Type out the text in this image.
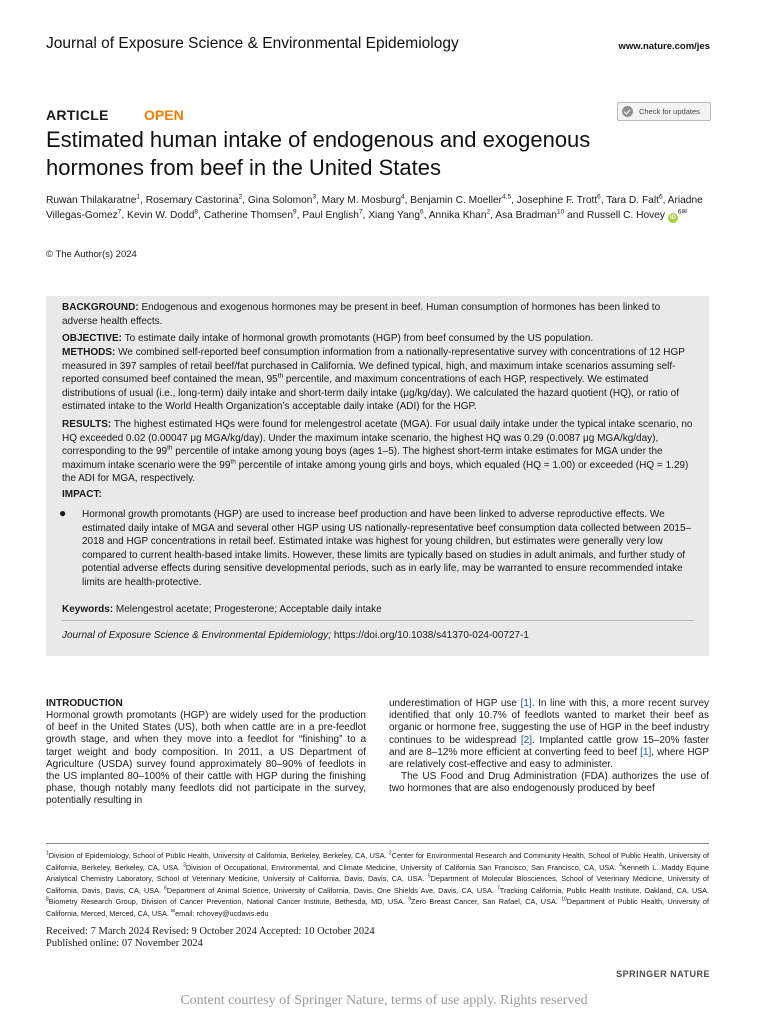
Journal of Exposure Science & Environmental Epidemiology	www.nature.com/jes
ARTICLE	OPEN	Check for updates
Estimated human intake of endogenous and exogenous
hormones from beef in the United States
Ruwan Thilakaratne$^1$, Rosemary Castorina$^2$, Gina Solomon$^3$, Mary M. Mosburg$^4$, Benjamin C. Moeller$^{4,5}$, Josephine F. Trott$^6$, Tara D. Falt$^6$, Ariadne Villegas-Gomez$^7$, Kevin W. Dodd$^8$, Catherine Thomsen$^9$, Paul English$^7$, Xiang Yang$^6$, Annika Khan$^2$, Asa Bradman$^{10}$ and Russell C. Hovey $iD^{6✉}$
© The Author(s) 2024
BACKGROUND: Endogenous and exogenous hormones may be present in beef. Human consumption of hormones has been linked to adverse health effects.
OBJECTIVE: To estimate daily intake of hormonal growth promotants (HGP) from beef consumed by the US population.
METHODS: We combined self-reported beef consumption information from a nationally-representative survey with concentrations of 12 HGP measured in 397 samples of retail beef/fat purchased in California. We defined typical, high, and maximum intake scenarios assuming self-reported consumed beef contained the mean, 95th percentile, and maximum concentrations of each HGP, respectively. We estimated distributions of usual (i.e., long-term) daily intake and short-term daily intake (μg/kg/day). We calculated the hazard quotient (HQ), or ratio of estimated intake to the World Health Organization’s acceptable daily intake (ADI) for the HGP.
RESULTS: The highest estimated HQs were found for melengestrol acetate (MGA). For usual daily intake under the typical intake scenario, no HQ exceeded 0.02 (0.00047 μg MGA/kg/day). Under the maximum intake scenario, the highest HQ was 0.29 (0.0087 μg MGA/kg/day), corresponding to the 99th percentile of intake among young boys (ages 1–5). The highest short-term intake estimates for MGA under the maximum intake scenario were the 99th percentile of intake among young girls and boys, which equaled (HQ = 1.00) or exceeded (HQ = 1.29) the ADI for MGA, respectively.
IMPACT:
● Hormonal growth promotants (HGP) are used to increase beef production and have been linked to adverse reproductive effects. We estimated daily intake of MGA and several other HGP using US nationally-representative beef consumption data collected between 2015–2018 and HGP concentrations in retail beef. Estimated intake was highest for young children, but estimates were generally very low compared to current health-based intake limits. However, these limits are typically based on studies in adult animals, and further study of potential adverse effects during sensitive developmental periods, such as in early life, may be warranted to ensure recommended intake limits are health-protective.
Keywords: Melengestrol acetate; Progesterone; Acceptable daily intake
Journal of Exposure Science & Environmental Epidemiology; https://doi.org/10.1038/s41370-024-00727-1
INTRODUCTION

Hormonal growth promotants (HGP) are widely used for the production of beef in the United States (US), both when cattle are in a pre-feedlot growth stage, and when they move into a feedlot for “finishing” to a target weight and body composition. In 2011, a US Department of Agriculture (USDA) survey found approximately 80–90% of feedlots in the US implanted 80–100% of their cattle with HGP during the finishing phase, though notably many feedlots did not participate in the survey, potentially resulting in

underestimation of HGP use [1]. In line with this, a more recent survey identified that only 10.7% of feedlots wanted to market their beef as organic or hormone free, suggesting the use of HGP in the beef industry continues to be widespread [2]. Implanted cattle grow 15–20% faster and are 8–12% more efficient at converting feed to beef [1], where HGP are relatively cost-effective and easy to administer.

The US Food and Drug Administration (FDA) authorizes the use of two hormones that are also endogenously produced by beef

$^1$Division of Epidemiology, School of Public Health, University of California, Berkeley, Berkeley, CA, USA. $^2$Center for Environmental Research and Community Health, School of Public Health, University of California, Berkeley, Berkeley, CA, USA. $^3$Division of Occupational, Environmental, and Climate Medicine, University of California San Francisco, San Francisco, CA, USA. $^4$Kenneth L. Maddy Equine Analytical Chemistry Laboratory, School of Veterinary Medicine, University of California, Davis, Davis, CA, USA. $^5$Department of Molecular Biosciences, School of Veterinary Medicine, University of California, Davis, Davis, CA, USA. $^6$Department of Animal Science, University of California, Davis, One Shields Ave, Davis, CA, USA. $^7$Tracking California, Public Health Institute, Oakland, CA, USA. $^8$Biometry Research Group, Division of Cancer Prevention, National Cancer Institute, Bethesda, MD, USA. $^9$Zero Breast Cancer, San Rafael, CA, USA. $^{10}$Department of Public Health, University of California, Merced, Merced, CA, USA. ✉email: rchovey@ucdavis.edu
Received: 7 March 2024 Revised: 9 October 2024 Accepted: 10 October 2024
Published online: 07 November 2024
SPRINGER NATURE
Content courtesy of Springer Nature, terms of use apply. Rights reserved
